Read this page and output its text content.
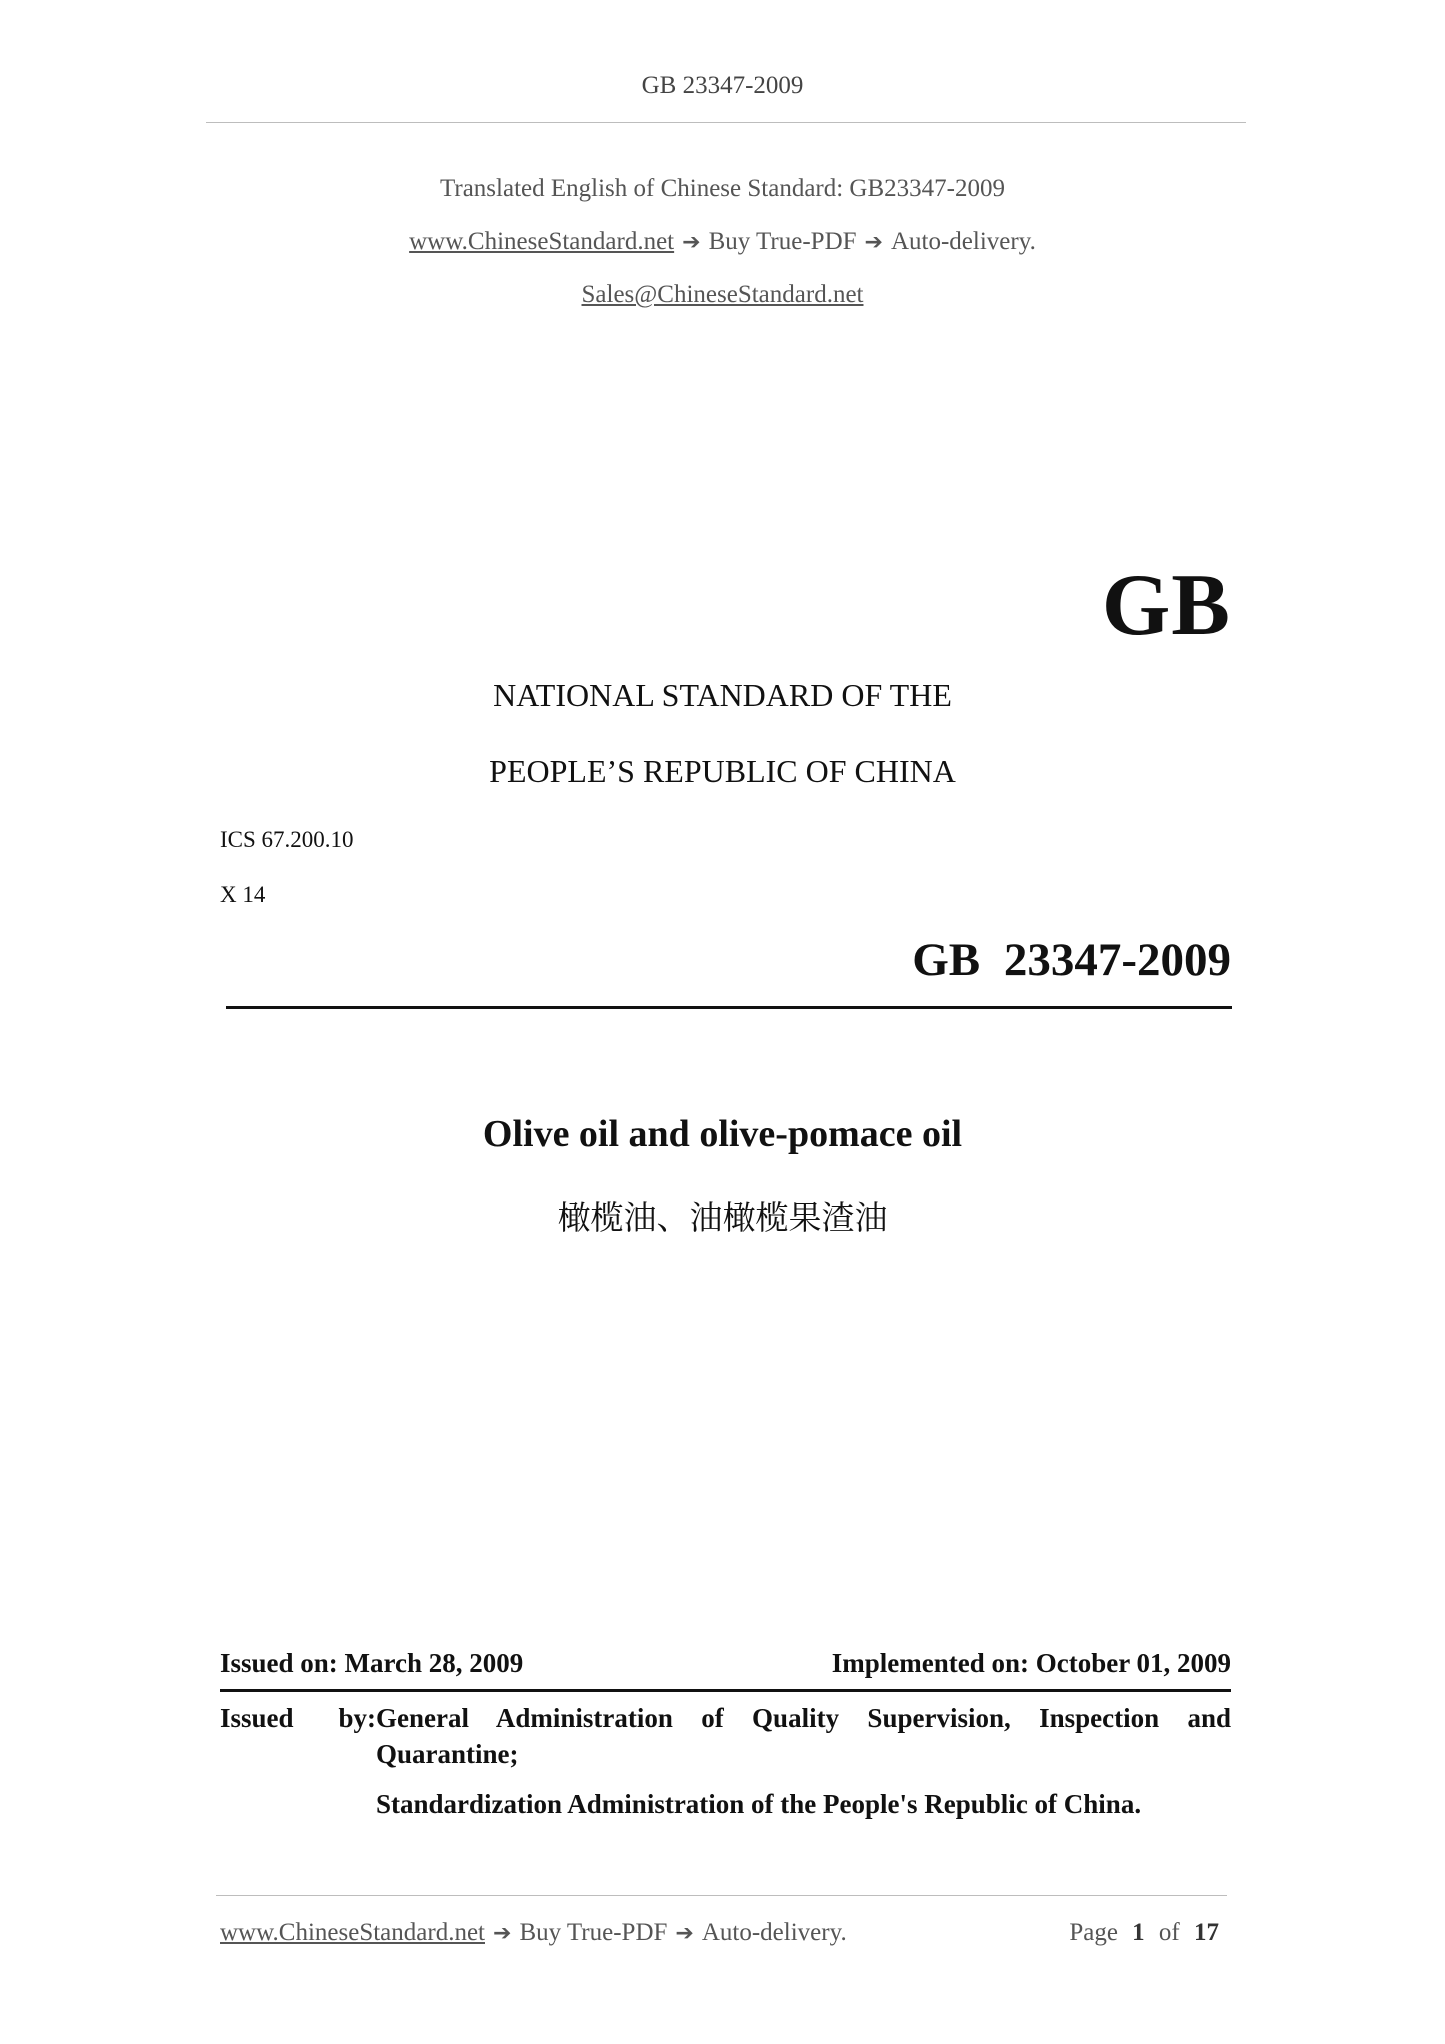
GB 23347-2009
Translated English of Chinese Standard: GB23347-2009
www.ChineseStandard.net ➔ Buy True-PDF ➔ Auto-delivery.
Sales@ChineseStandard.net
GB
NATIONAL STANDARD OF THE
PEOPLE’S REPUBLIC OF CHINA
ICS 67.200.10
X 14
GB 23347-2009
Olive oil and olive-pomace oil
橄榄油、油橄榄果渣油
Issued on: March 28, 2009	Implemented on: October 01, 2009
Issued by: General Administration of Quality Supervision, Inspection and Quarantine;
Standardization Administration of the People's Republic of China.
www.ChineseStandard.net ➔ Buy True-PDF ➔ Auto-delivery.	Page 1 of 17
